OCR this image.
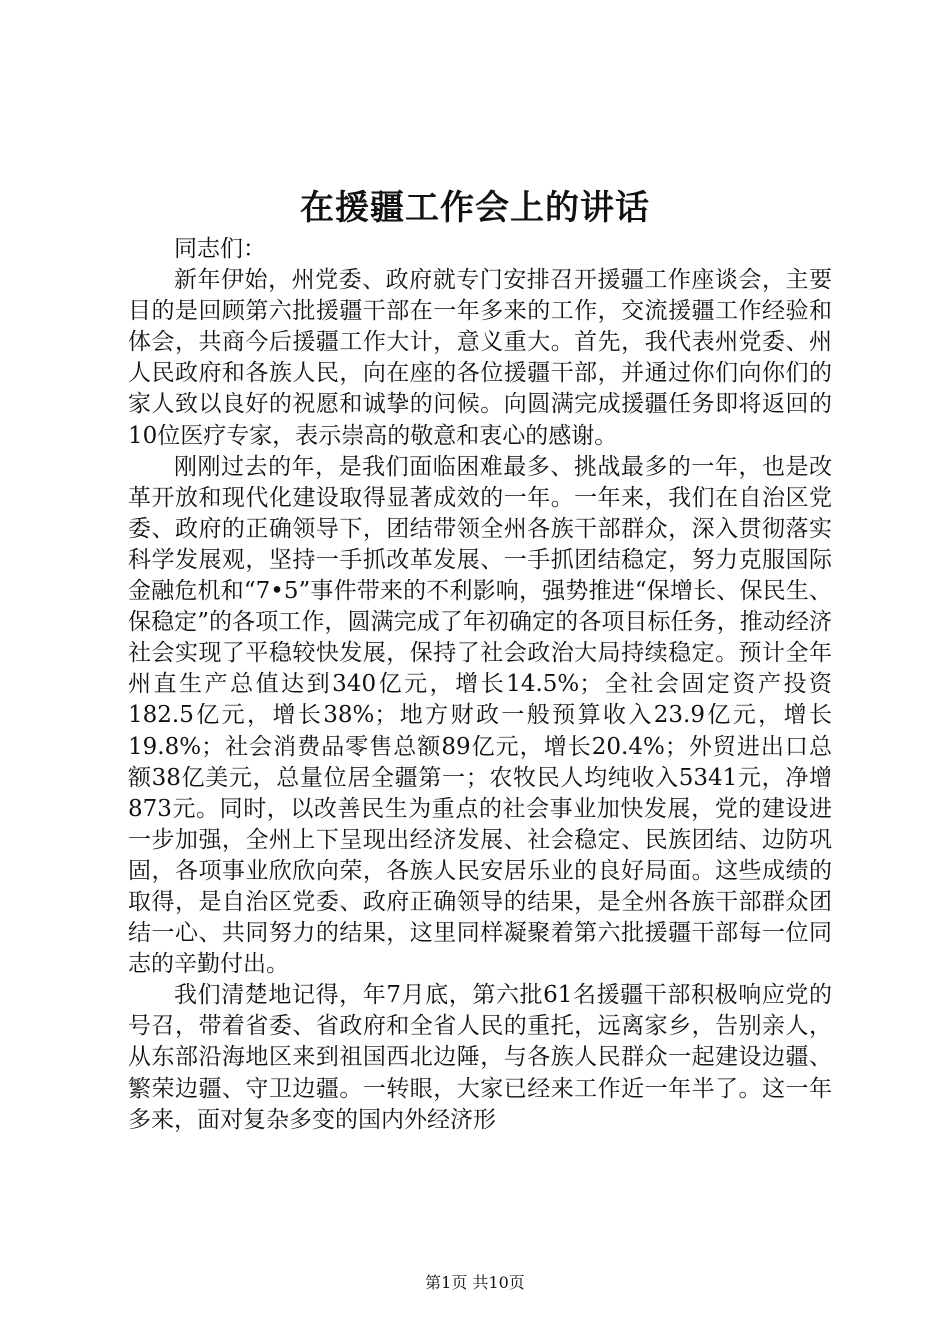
在援疆工作会上的讲话

同志们：

新年伊始，州党委、政府就专门安排召开援疆工作座谈会，主要目的是回顾第六批援疆干部在一年多来的工作，交流援疆工作经验和体会，共商今后援疆工作大计，意义重大。首先，我代表州党委、州人民政府和各族人民，向在座的各位援疆干部，并通过你们向你们的家人致以良好的祝愿和诚挚的问候。向圆满完成援疆任务即将返回的10位医疗专家，表示崇高的敬意和衷心的感谢。

刚刚过去的年，是我们面临困难最多、挑战最多的一年，也是改革开放和现代化建设取得显著成效的一年。一年来，我们在自治区党委、政府的正确领导下，团结带领全州各族干部群众，深入贯彻落实科学发展观，坚持一手抓改革发展、一手抓团结稳定，努力克服国际金融危机和“7•5”事件带来的不利影响，强势推进“保增长、保民生、保稳定”的各项工作，圆满完成了年初确定的各项目标任务，推动经济社会实现了平稳较快发展，保持了社会政治大局持续稳定。预计全年州直生产总值达到340亿元，增长14.5%；全社会固定资产投资182.5亿元，增长38%；地方财政一般预算收入23.9亿元，增长19.8%；社会消费品零售总额89亿元，增长20.4%；外贸进出口总额38亿美元，总量位居全疆第一；农牧民人均纯收入5341元，净增873元。同时，以改善民生为重点的社会事业加快发展，党的建设进一步加强，全州上下呈现出经济发展、社会稳定、民族团结、边防巩固，各项事业欣欣向荣，各族人民安居乐业的良好局面。这些成绩的取得，是自治区党委、政府正确领导的结果，是全州各族干部群众团结一心、共同努力的结果，这里同样凝聚着第六批援疆干部每一位同志的辛勤付出。

我们清楚地记得，年7月底，第六批61名援疆干部积极响应党的号召，带着省委、省政府和全省人民的重托，远离家乡，告别亲人，从东部沿海地区来到祖国西北边陲，与各族人民群众一起建设边疆、繁荣边疆、守卫边疆。一转眼，大家已经来工作近一年半了。这一年多来，面对复杂多变的国内外经济形

第1页 共10页
